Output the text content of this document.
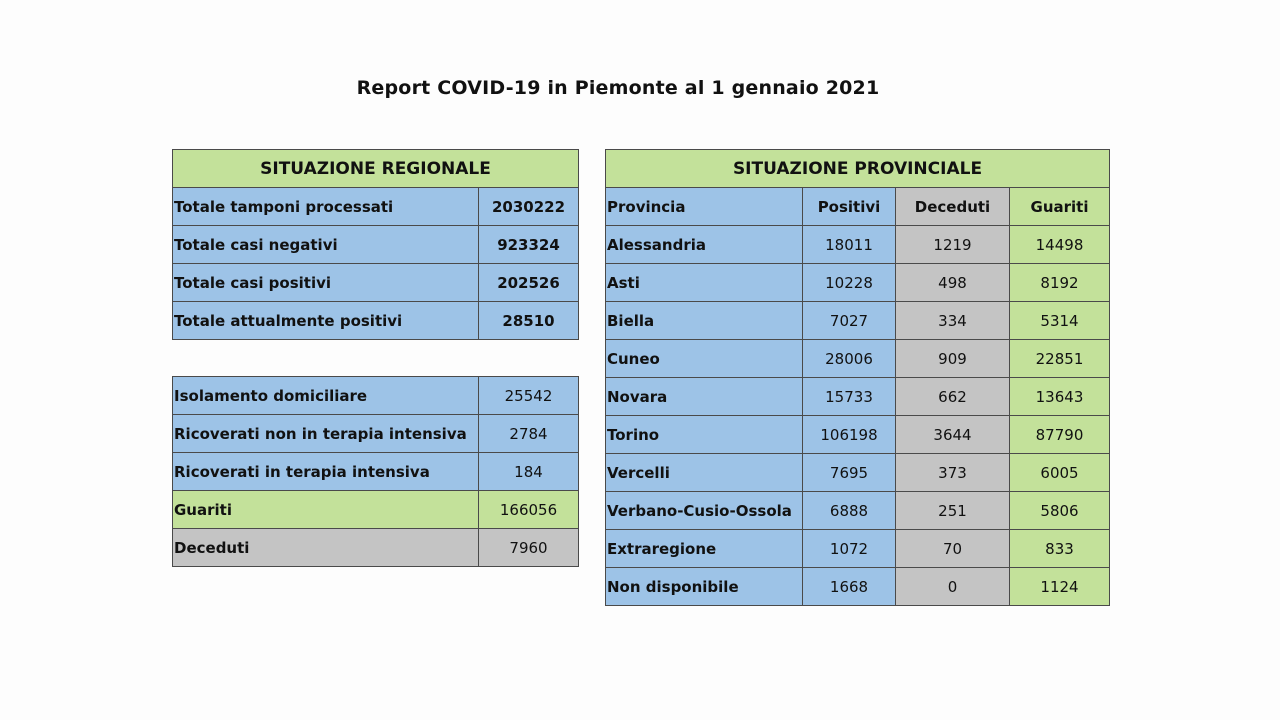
Report COVID-19 in Piemonte al 1 gennaio 2021
SITUAZIONE REGIONALE	
Totale tamponi processati	2030222
Totale casi negativi	923324
Totale casi positivi	202526
Totale attualmente positivi	28510
Isolamento domiciliare	25542
Ricoverati non in terapia intensiva	2784
Ricoverati in terapia intensiva	184
Guariti	166056
Deceduti	7960
SITUAZIONE PROVINCIALE			
Provincia	Positivi	Deceduti	Guariti
Alessandria	18011	1219	14498
Asti	10228	498	8192
Biella	7027	334	5314
Cuneo	28006	909	22851
Novara	15733	662	13643
Torino	106198	3644	87790
Vercelli	7695	373	6005
Verbano-Cusio-Ossola	6888	251	5806
Extraregione	1072	70	833
Non disponibile	1668	0	1124
